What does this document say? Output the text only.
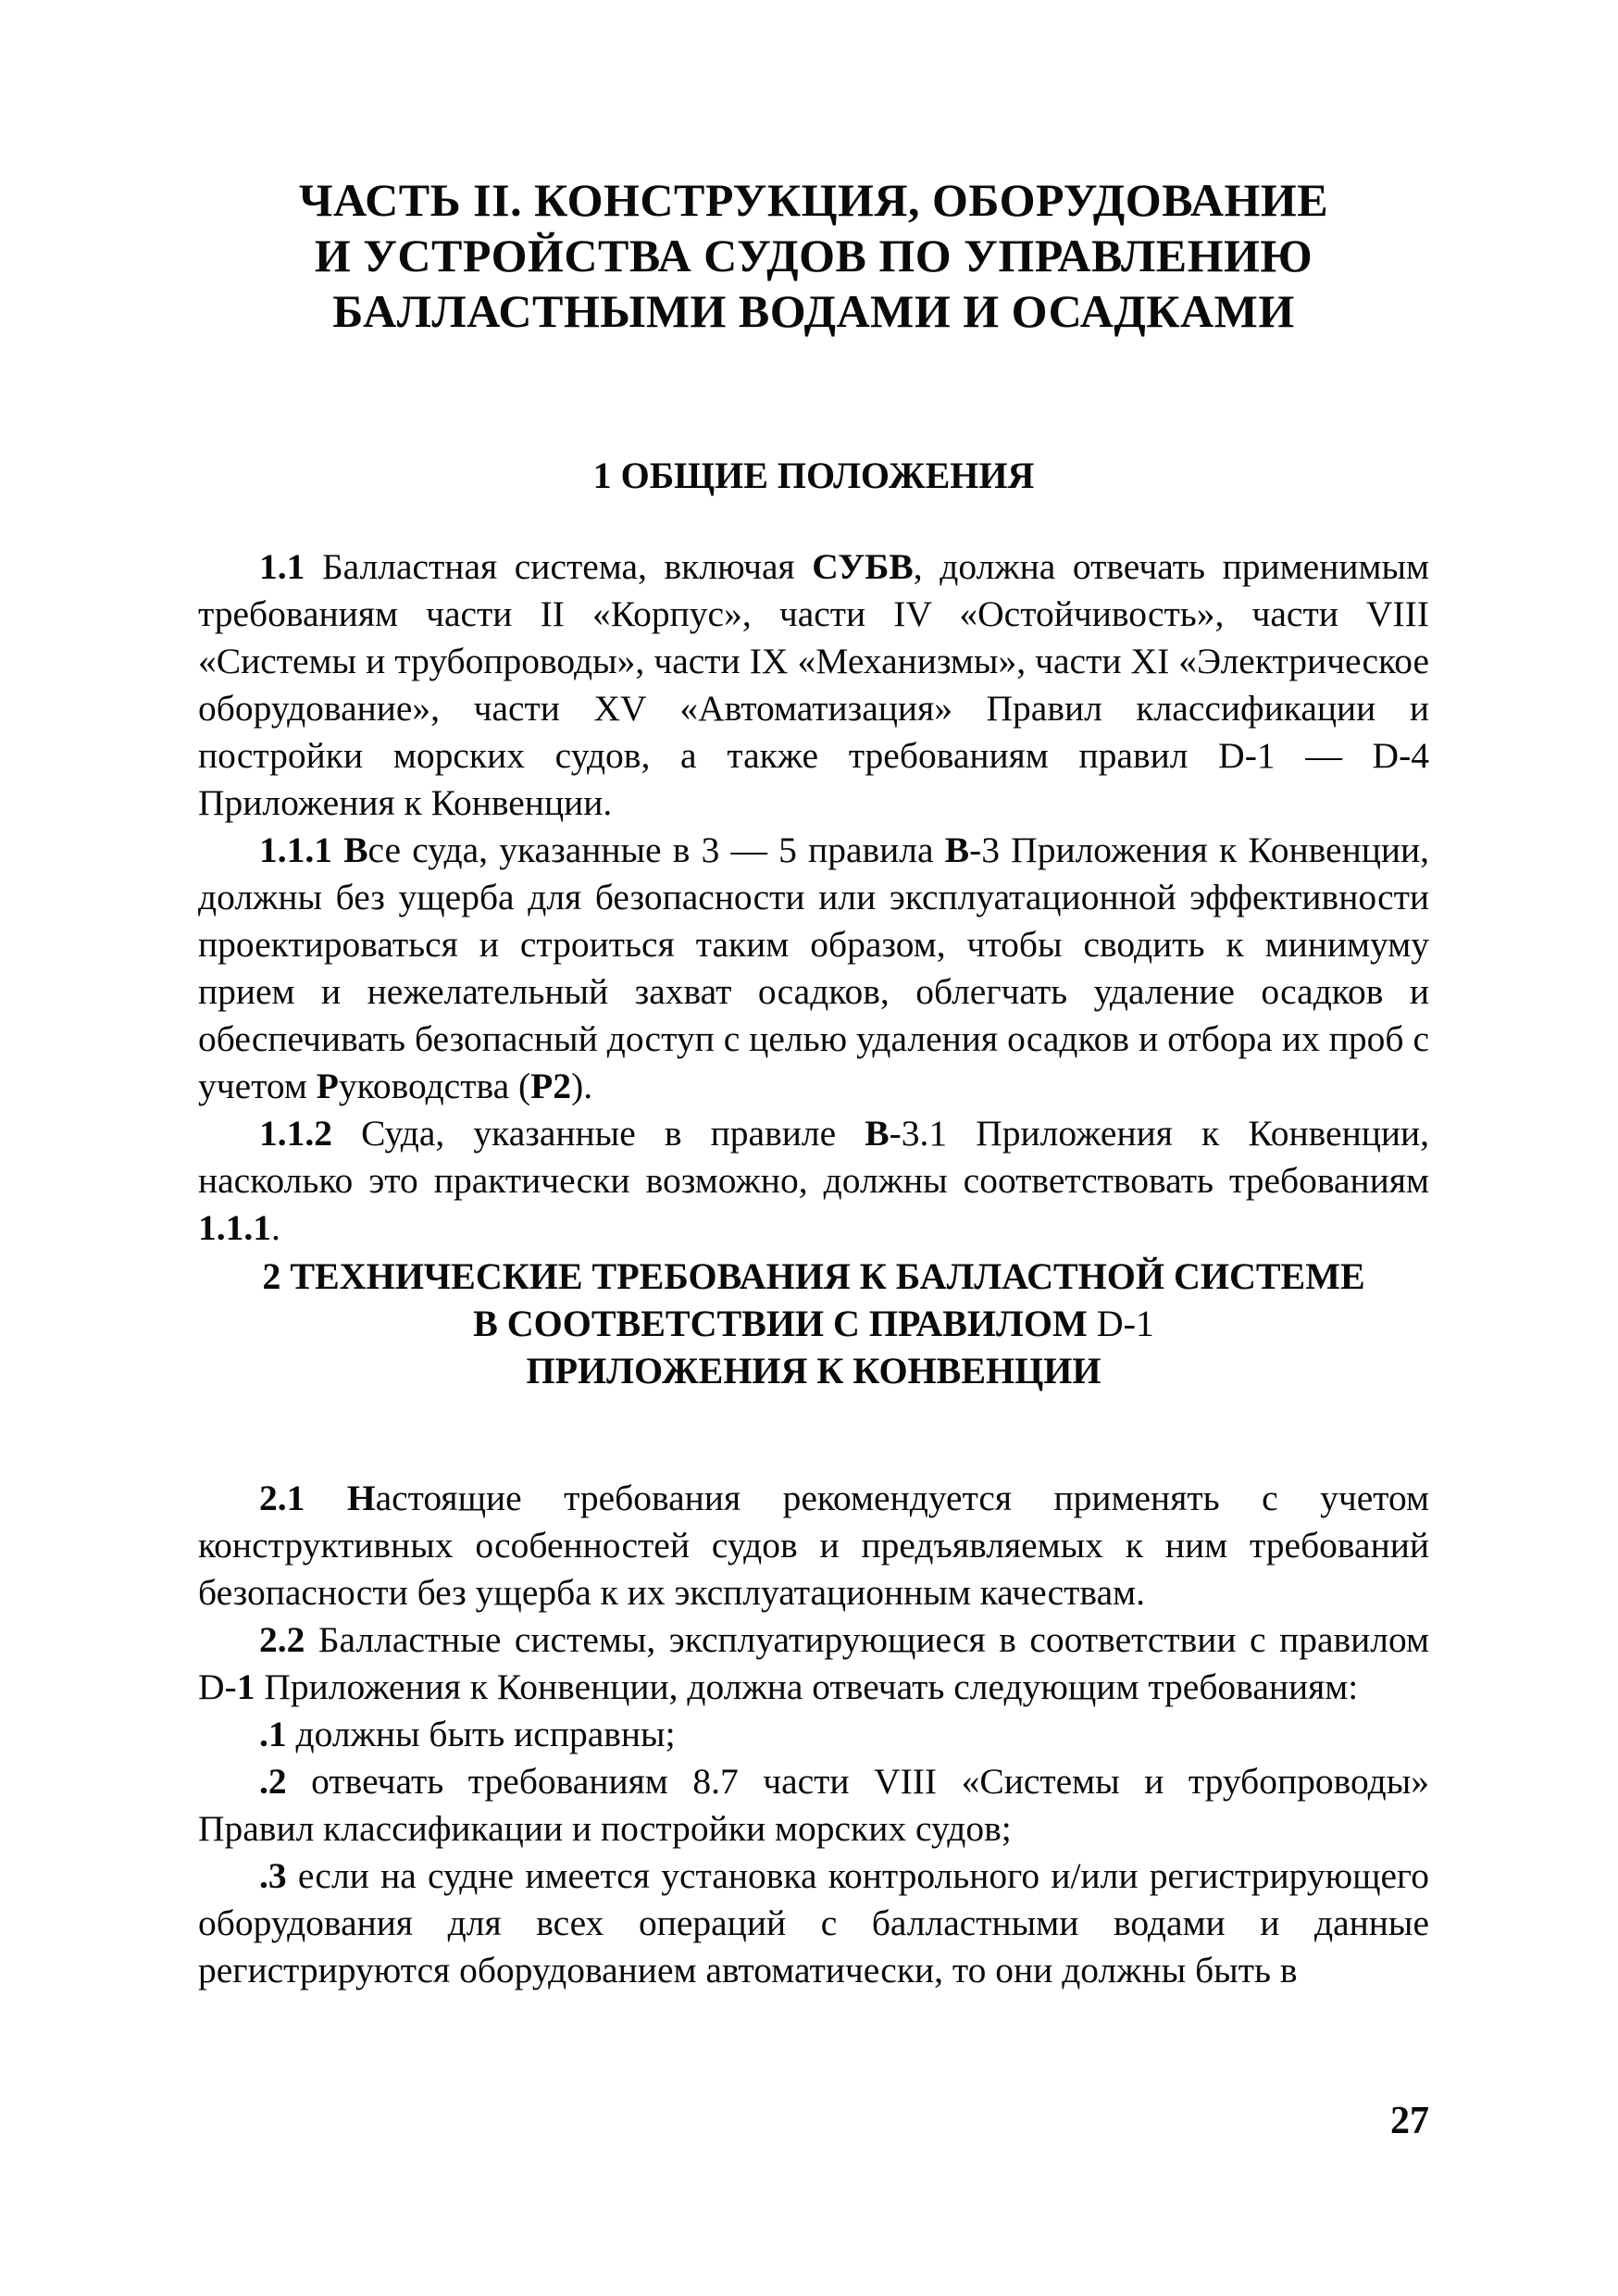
ЧАСТЬ II. КОНСТРУКЦИЯ, ОБОРУДОВАНИЕ
И УСТРОЙСТВА СУДОВ ПО УПРАВЛЕНИЮ
БАЛЛАСТНЫМИ ВОДАМИ И ОСАДКАМИ
1 ОБЩИЕ ПОЛОЖЕНИЯ

1.1 Балластная система, включая СУБВ, должна отвечать применимым требованиям части II «Корпус», части IV «Остойчивость», части VIII «Системы и трубопроводы», части IX «Механизмы», части XI «Электрическое оборудование», части XV «Автоматизация» Правил классификации и постройки морских судов, а также требованиям правил D-1 — D-4 Приложения к Конвенции.

1.1.1 Все суда, указанные в 3 — 5 правила В-3 Приложения к Конвенции, должны без ущерба для безопасности или эксплуатационной эффективности проектироваться и строиться таким образом, чтобы сводить к минимуму прием и нежелательный захват осадков, облегчать удаление осадков и обеспечивать безопасный доступ с целью удаления осадков и отбора их проб с учетом Руководства (Р2).

1.1.2 Суда, указанные в правиле В-3.1 Приложения к Конвенции, насколько это практически возможно, должны соответствовать требованиям 1.1.1.

2 ТЕХНИЧЕСКИЕ ТРЕБОВАНИЯ К БАЛЛАСТНОЙ СИСТЕМЕ
В СООТВЕТСТВИИ С ПРАВИЛОМ D-1
ПРИЛОЖЕНИЯ К КОНВЕНЦИИ

2.1 Настоящие требования рекомендуется применять с учетом конструктивных особенностей судов и предъявляемых к ним требований безопасности без ущерба к их эксплуатационным качествам.

2.2 Балластные системы, эксплуатирующиеся в соответствии с правилом D-1 Приложения к Конвенции, должна отвечать следующим требованиям:

.1 должны быть исправны;

.2 отвечать требованиям 8.7 части VIII «Системы и трубопроводы» Правил классификации и постройки морских судов;

.3 если на судне имеется установка контрольного и/или регистрирующего оборудования для всех операций с балластными водами и данные регистрируются оборудованием автоматически, то они должны быть в

27
